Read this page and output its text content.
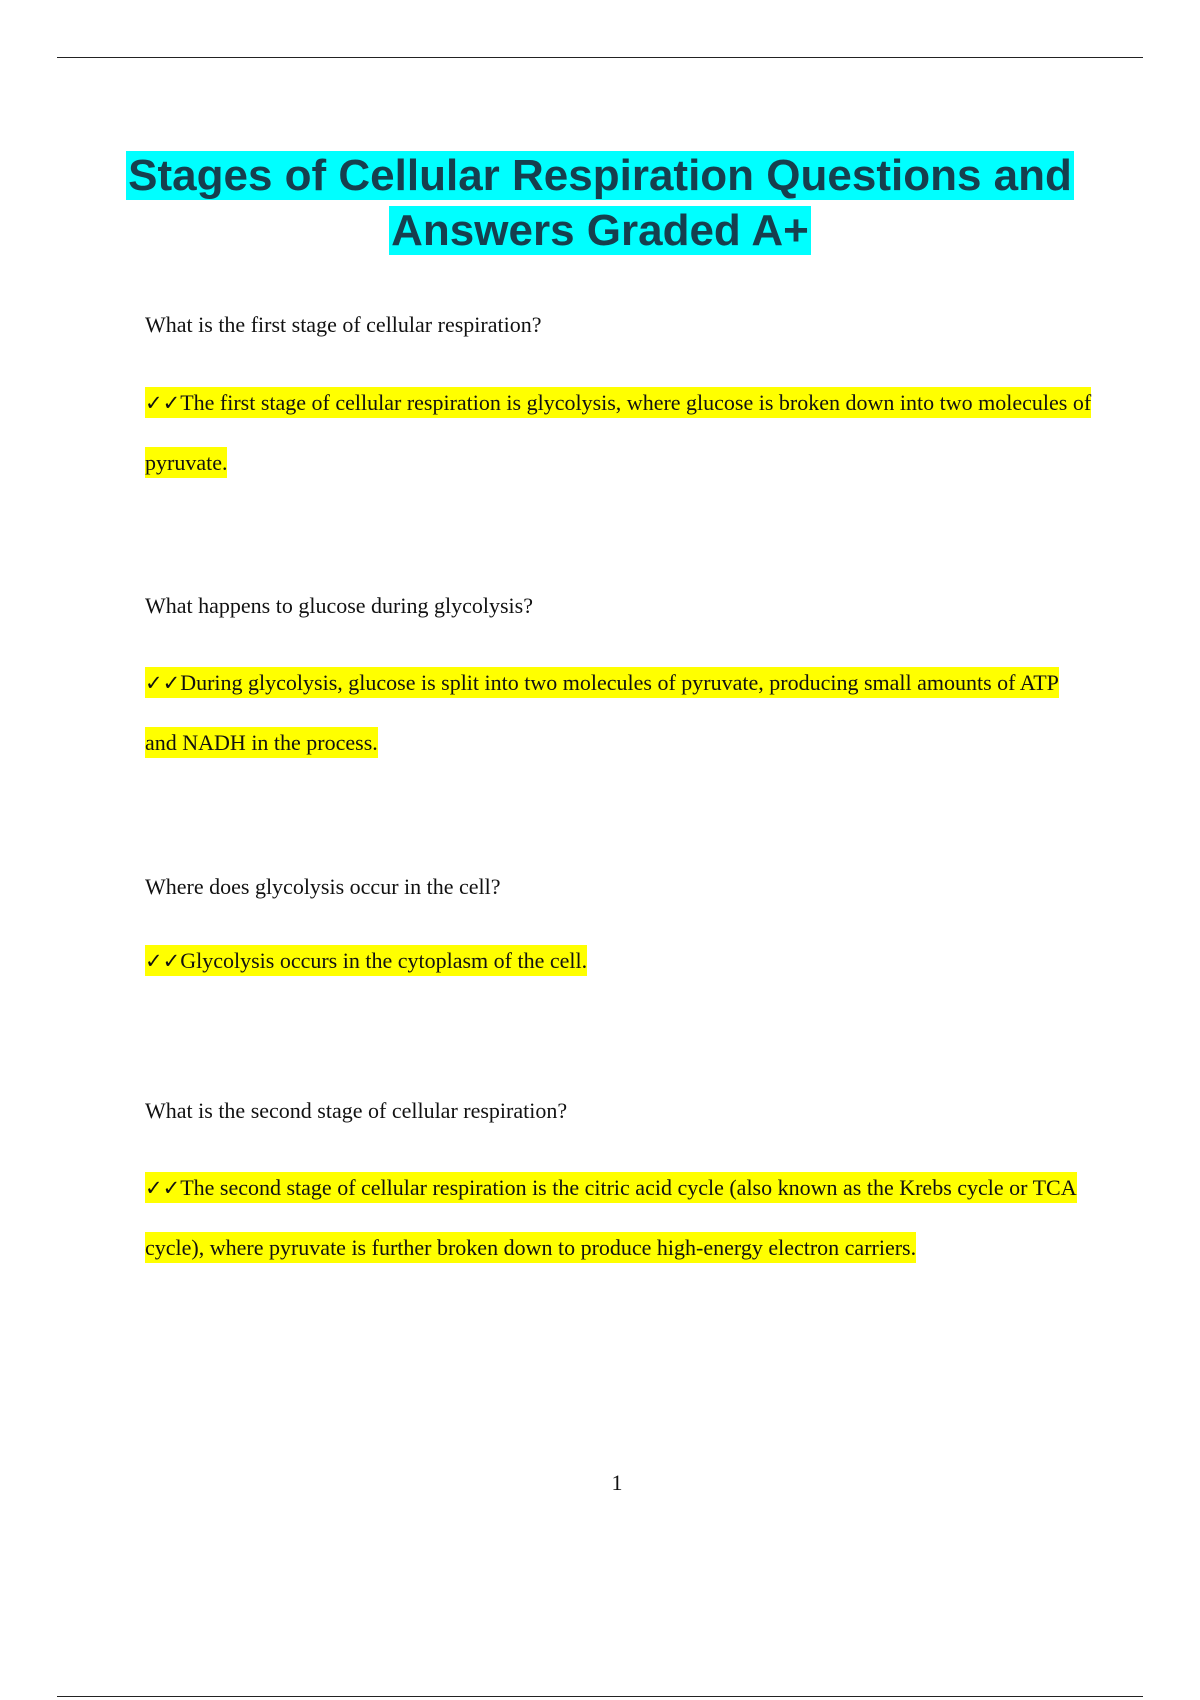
Stages of Cellular Respiration Questions and Answers Graded A+

What is the first stage of cellular respiration?

✓✓The first stage of cellular respiration is glycolysis, where glucose is broken down into two molecules of pyruvate.

What happens to glucose during glycolysis?

✓✓During glycolysis, glucose is split into two molecules of pyruvate, producing small amounts of ATP and NADH in the process.

Where does glycolysis occur in the cell?

✓✓Glycolysis occurs in the cytoplasm of the cell.

What is the second stage of cellular respiration?

✓✓The second stage of cellular respiration is the citric acid cycle (also known as the Krebs cycle or TCA cycle), where pyruvate is further broken down to produce high-energy electron carriers.

1
